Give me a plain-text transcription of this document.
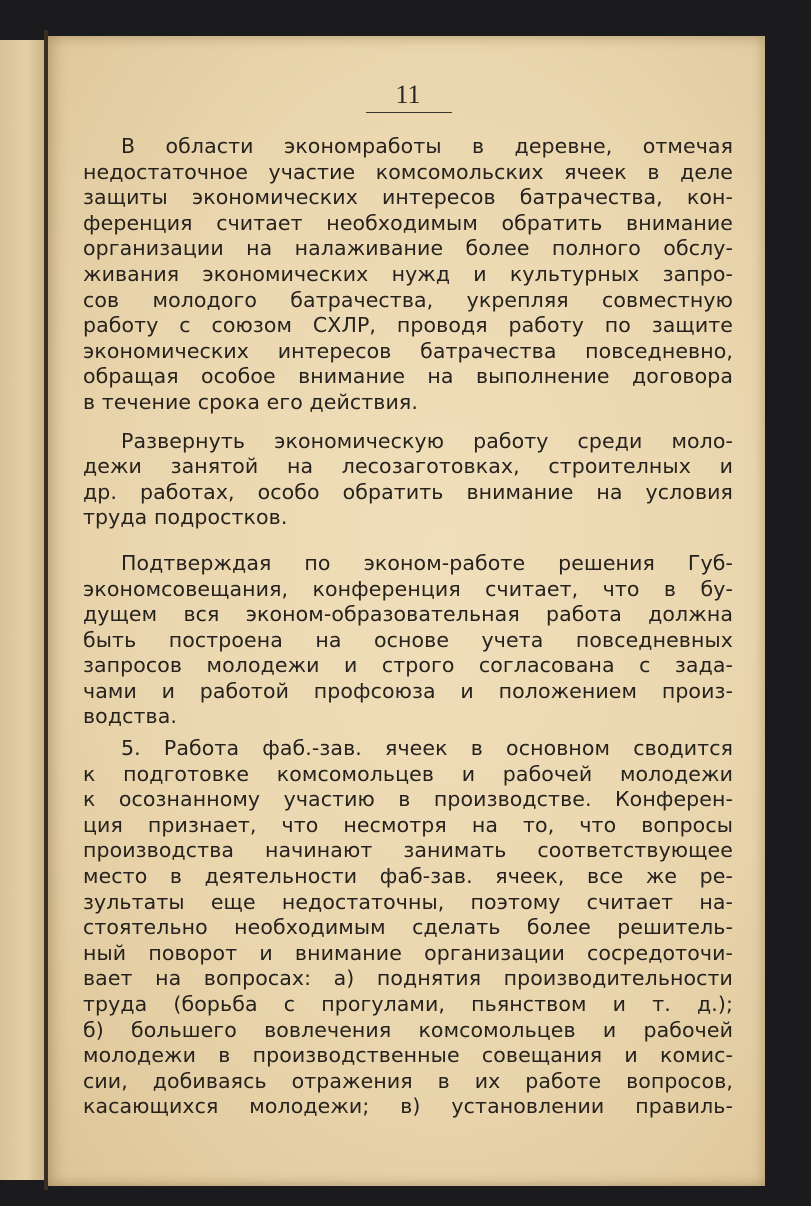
11
В области экономработы в деревне, отмечая
недостаточное участие комсомольских ячеек в деле
защиты экономических интересов батрачества, кон-
ференция считает необходимым обратить внимание
организации на налаживание более полного обслу-
живания экономических нужд и культурных запро-
сов молодого батрачества, укрепляя совместную
работу с союзом СХЛР, проводя работу по защите
экономических интересов батрачества повседневно,
обращая особое внимание на выполнение договора
в течение срока его действия.
Развернуть экономическую работу среди моло-
дежи занятой на лесозаготовках, строителных и
др. работах, особо обратить внимание на условия
труда подростков.
Подтверждая по эконом-работе решения Губ-
экономсовещания, конференция считает, что в бу-
дущем вся эконом-образовательная работа должна
быть построена на основе учета повседневных
запросов молодежи и строго согласована с зада-
чами и работой профсоюза и положением произ-
водства.
5. Работа фаб.-зав. ячеек в основном сводится
к подготовке комсомольцев и рабочей молодежи
к осознанному участию в производстве. Конферен-
ция признает, что несмотря на то, что вопросы
производства начинают занимать соответствующее
место в деятельности фаб-зав. ячеек, все же ре-
зультаты еще недостаточны, поэтому считает на-
стоятельно необходимым сделать более решитель-
ный поворот и внимание организации сосредоточи-
вает на вопросах: а) поднятия производительности
труда (борьба с прогулами, пьянством и т. д.);
б) большего вовлечения комсомольцев и рабочей
молодежи в производственные совещания и комис-
сии, добиваясь отражения в их работе вопросов,
касающихся молодежи; в) установлении правиль-
